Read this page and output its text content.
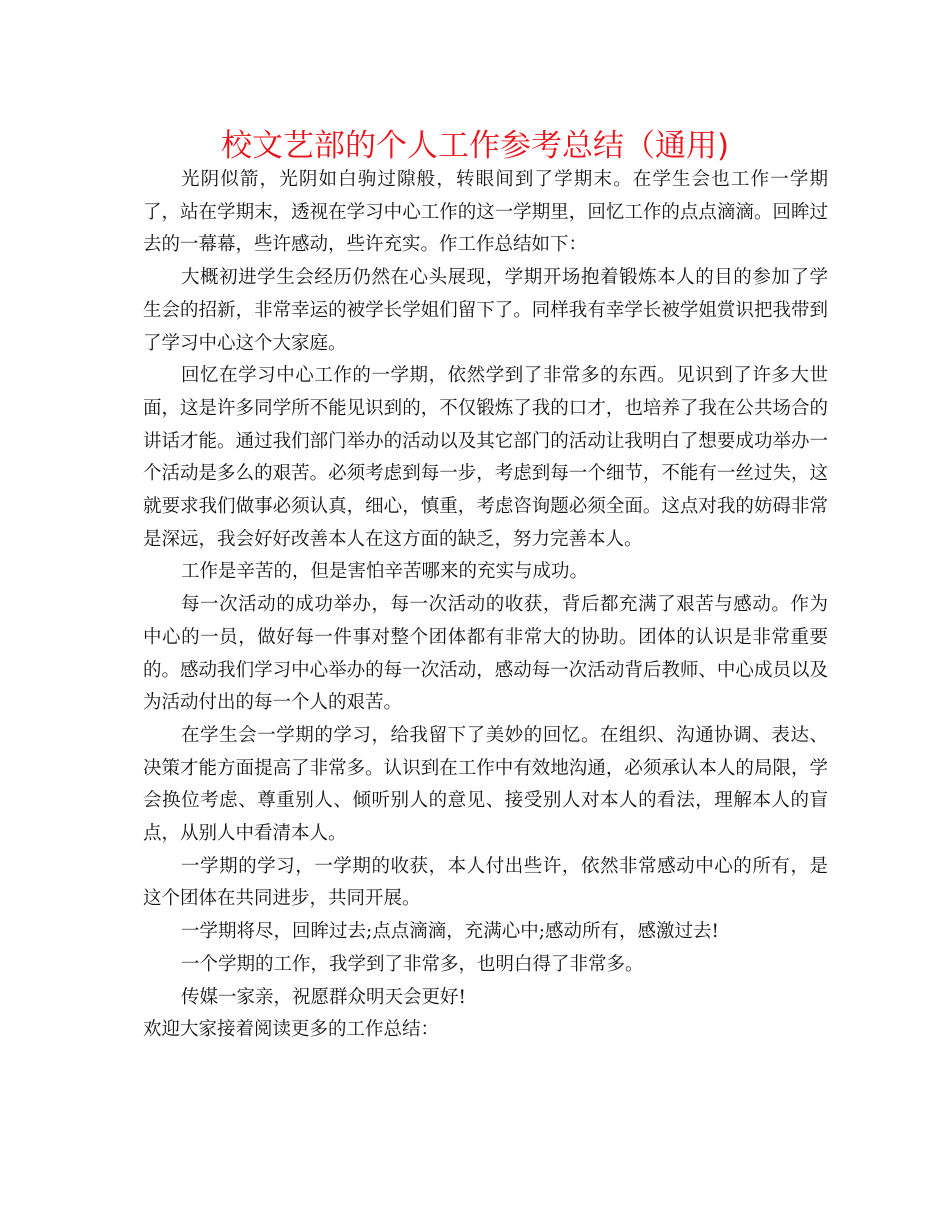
校文艺部的个人工作参考总结（通用)

光阴似箭，光阴如白驹过隙般，转眼间到了学期末。在学生会也工作一学期了，站在学期末，透视在学习中心工作的这一学期里，回忆工作的点点滴滴。回眸过去的一幕幕，些许感动，些许充实。作工作总结如下：

大概初进学生会经历仍然在心头展现，学期开场抱着锻炼本人的目的参加了学生会的招新，非常幸运的被学长学姐们留下了。同样我有幸学长被学姐赏识把我带到了学习中心这个大家庭。

回忆在学习中心工作的一学期，依然学到了非常多的东西。见识到了许多大世面，这是许多同学所不能见识到的，不仅锻炼了我的口才，也培养了我在公共场合的讲话才能。通过我们部门举办的活动以及其它部门的活动让我明白了想要成功举办一个活动是多么的艰苦。必须考虑到每一步，考虑到每一个细节，不能有一丝过失，这就要求我们做事必须认真，细心，慎重，考虑咨询题必须全面。这点对我的妨碍非常是深远，我会好好改善本人在这方面的缺乏，努力完善本人。

工作是辛苦的，但是害怕辛苦哪来的充实与成功。

每一次活动的成功举办，每一次活动的收获，背后都充满了艰苦与感动。作为中心的一员，做好每一件事对整个团体都有非常大的协助。团体的认识是非常重要的。感动我们学习中心举办的每一次活动，感动每一次活动背后教师、中心成员以及为活动付出的每一个人的艰苦。

在学生会一学期的学习，给我留下了美妙的回忆。在组织、沟通协调、表达、决策才能方面提高了非常多。认识到在工作中有效地沟通，必须承认本人的局限，学会换位考虑、尊重别人、倾听别人的意见、接受别人对本人的看法，理解本人的盲点，从别人中看清本人。

一学期的学习，一学期的收获，本人付出些许，依然非常感动中心的所有，是这个团体在共同进步，共同开展。

一学期将尽，回眸过去;点点滴滴，充满心中;感动所有，感激过去!

一个学期的工作，我学到了非常多，也明白得了非常多。

传媒一家亲，祝愿群众明天会更好!

欢迎大家接着阅读更多的工作总结：
